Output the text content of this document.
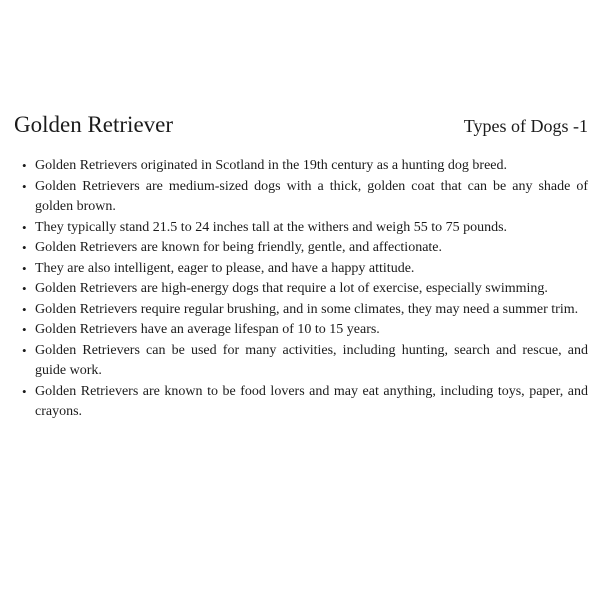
Golden Retriever	Types of Dogs -1
• Golden Retrievers originated in Scotland in the 19th century as a hunting dog breed.
• Golden Retrievers are medium-sized dogs with a thick, golden coat that can be any shade of golden brown.
• They typically stand 21.5 to 24 inches tall at the withers and weigh 55 to 75 pounds.
• Golden Retrievers are known for being friendly, gentle, and affectionate.
• They are also intelligent, eager to please, and have a happy attitude.
• Golden Retrievers are high-energy dogs that require a lot of exercise, especially swimming.
• Golden Retrievers require regular brushing, and in some climates, they may need a summer trim.
• Golden Retrievers have an average lifespan of 10 to 15 years.
• Golden Retrievers can be used for many activities, including hunting, search and rescue, and guide work.
• Golden Retrievers are known to be food lovers and may eat anything, including toys, paper, and crayons.
